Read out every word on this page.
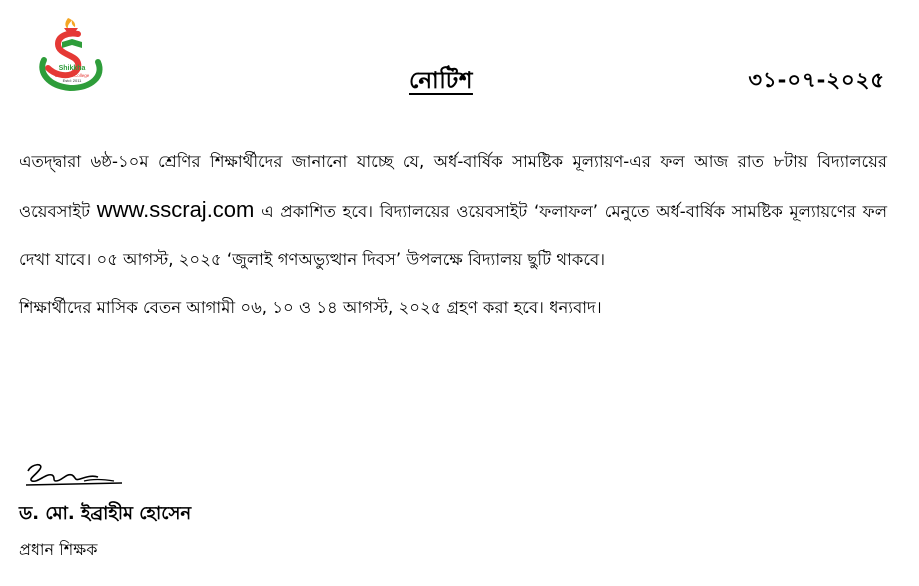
Shikkha
School & College
Estd: 2011	নোটিশ	৩১-০৭-২০২৫

এতদ্দ্বারা ৬ষ্ঠ-১০ম শ্রেণির শিক্ষার্থীদের জানানো যাচ্ছে যে, অর্ধ-বার্ষিক সামষ্টিক মূল্যায়ণ-এর ফল আজ রাত ৮টায় বিদ্যালয়ের ওয়েবসাইট www.sscraj.com এ প্রকাশিত হবে। বিদ্যালয়ের ওয়েবসাইট ‘ফলাফল’ মেনুতে অর্ধ-বার্ষিক সামষ্টিক মূল্যায়ণের ফল দেখা যাবে। ০৫ আগস্ট, ২০২৫ ‘জুলাই গণঅভ্যুত্থান দিবস’ উপলক্ষে বিদ্যালয় ছুটি থাকবে।

শিক্ষার্থীদের মাসিক বেতন আগামী ০৬, ১০ ও ১৪ আগস্ট, ২০২৫ গ্রহণ করা হবে। ধন্যবাদ।

ড. মো. ইব্রাহীম হোসেন
প্রধান শিক্ষক
